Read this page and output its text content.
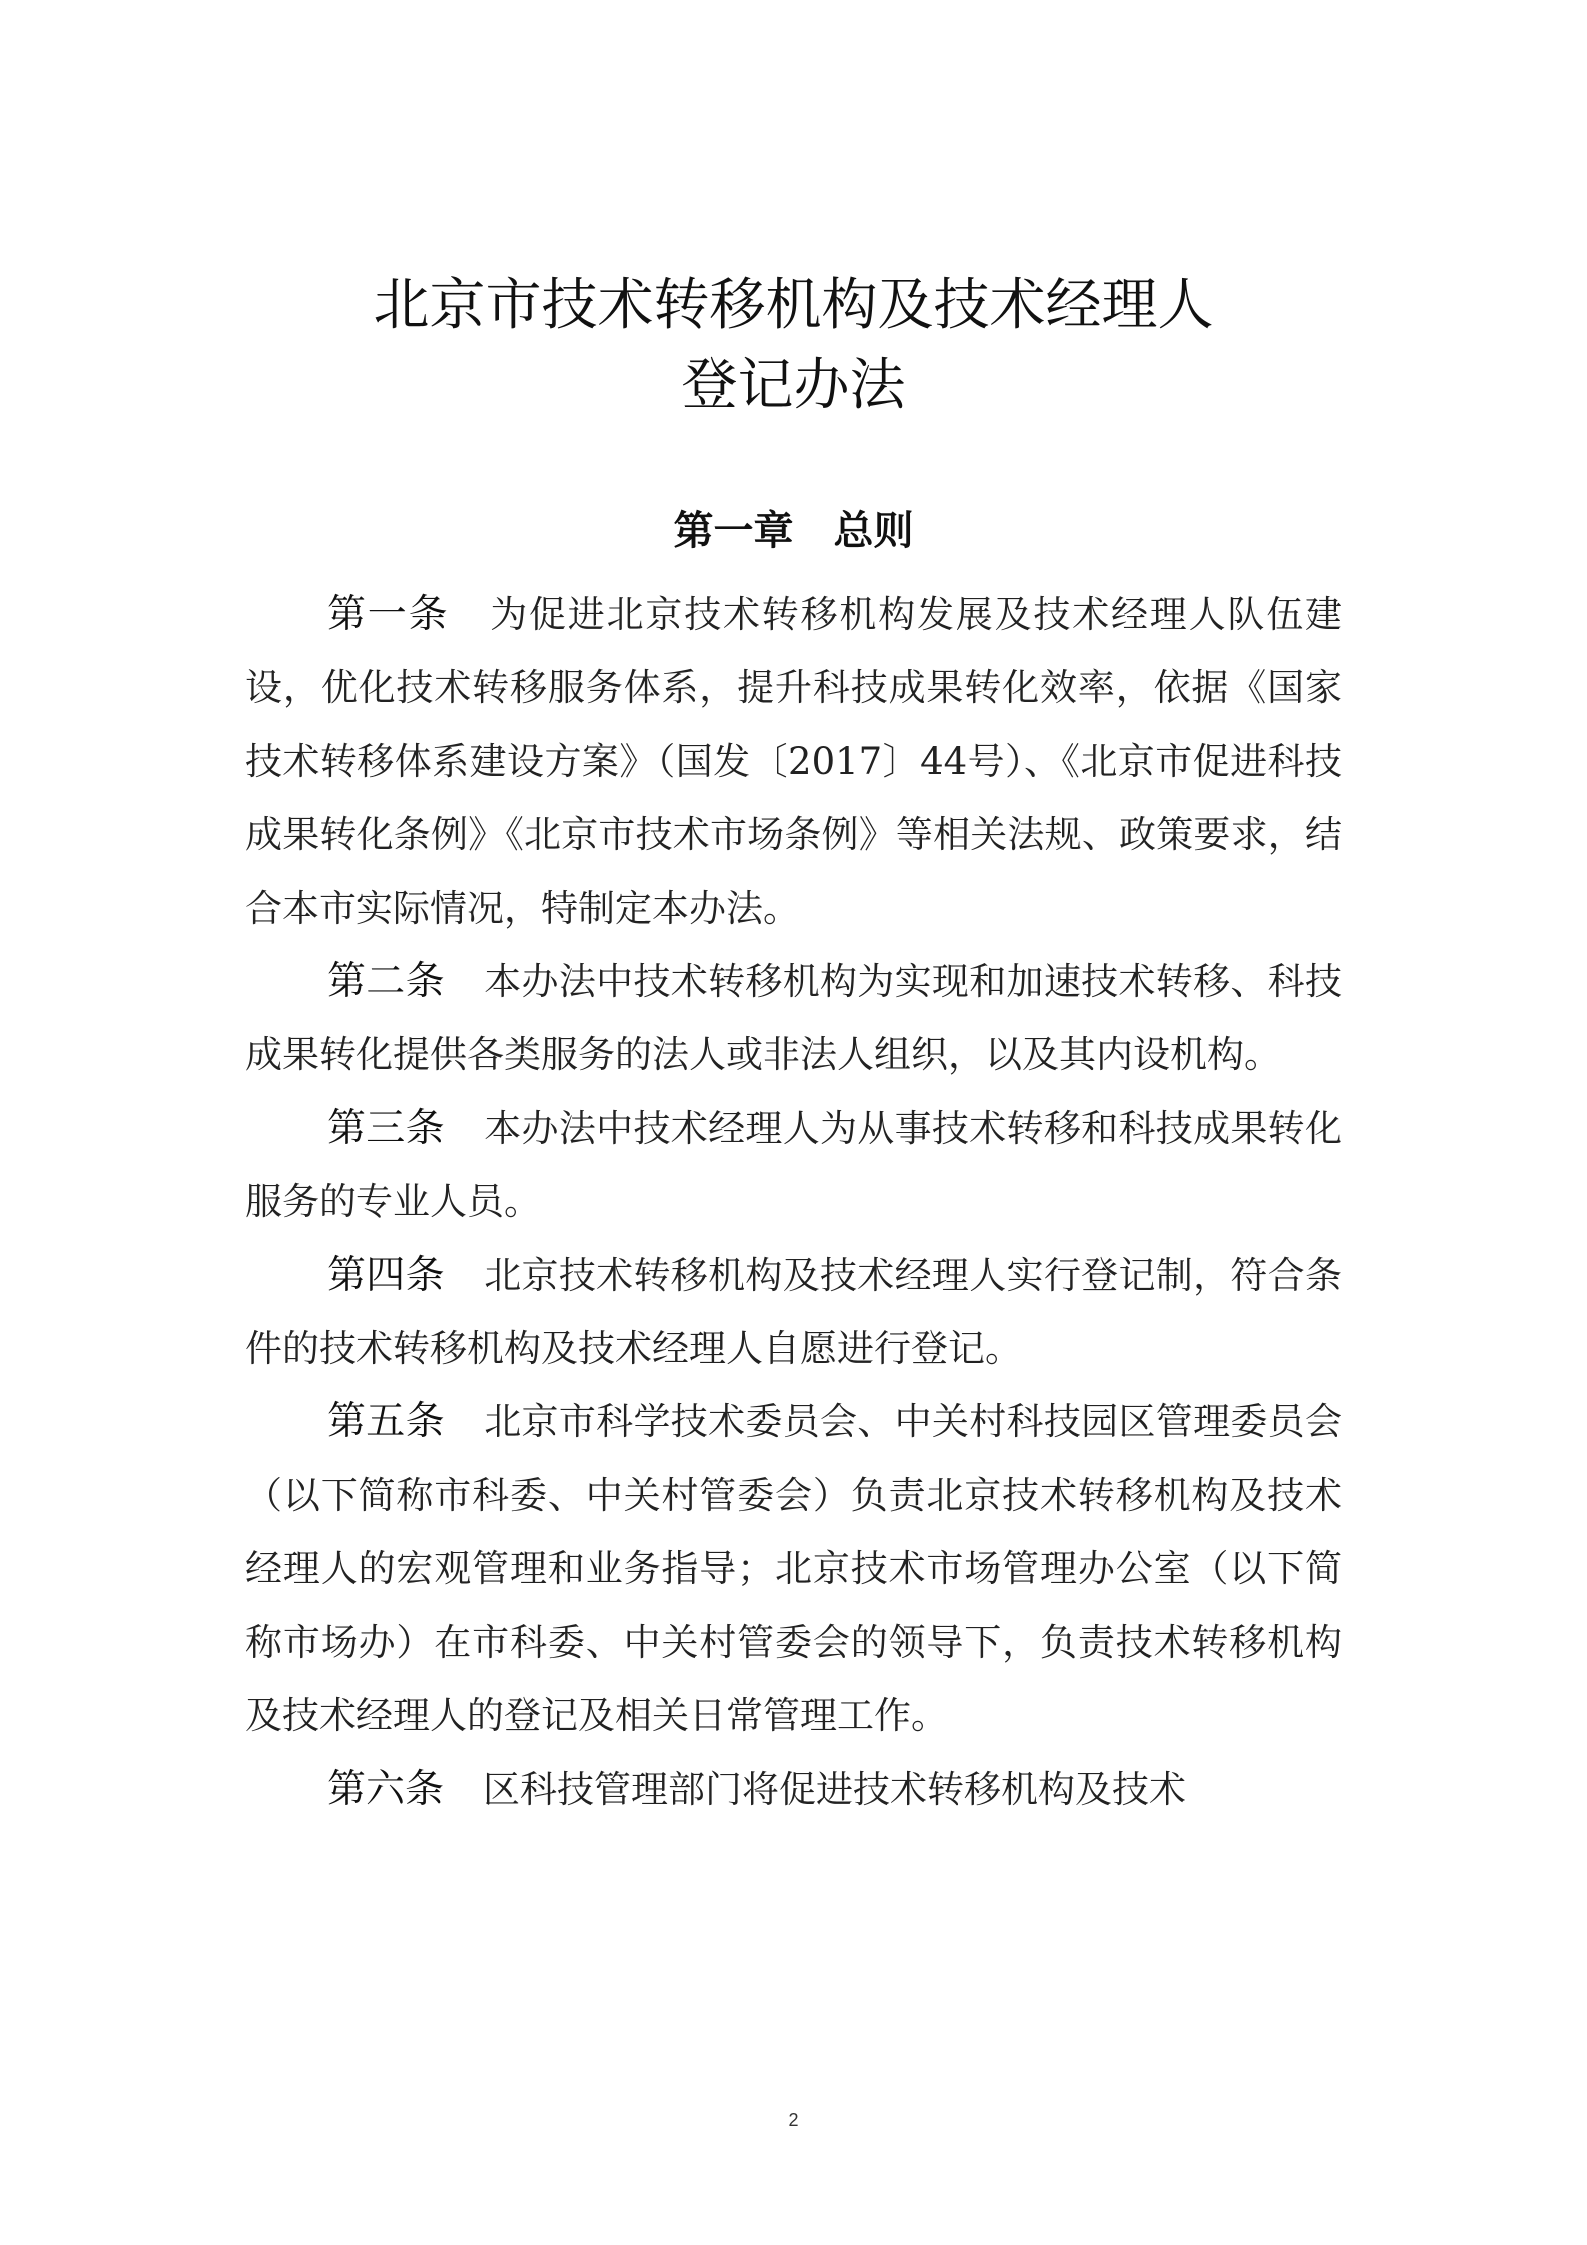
北京市技术转移机构及技术经理人
登记办法
第一章　总则

第一条　为促进北京技术转移机构发展及技术经理人队伍建设，优化技术转移服务体系，提升科技成果转化效率，依据《国家技术转移体系建设方案》（国发〔2017〕44号）、《北京市促进科技成果转化条例》《北京市技术市场条例》等相关法规、政策要求，结合本市实际情况，特制定本办法。

第二条　本办法中技术转移机构为实现和加速技术转移、科技成果转化提供各类服务的法人或非法人组织，以及其内设机构。

第三条　本办法中技术经理人为从事技术转移和科技成果转化服务的专业人员。

第四条　北京技术转移机构及技术经理人实行登记制，符合条件的技术转移机构及技术经理人自愿进行登记。

第五条　北京市科学技术委员会、中关村科技园区管理委员会（以下简称市科委、中关村管委会）负责北京技术转移机构及技术经理人的宏观管理和业务指导；北京技术市场管理办公室（以下简称市场办）在市科委、中关村管委会的领导下，负责技术转移机构及技术经理人的登记及相关日常管理工作。

第六条　区科技管理部门将促进技术转移机构及技术

2
